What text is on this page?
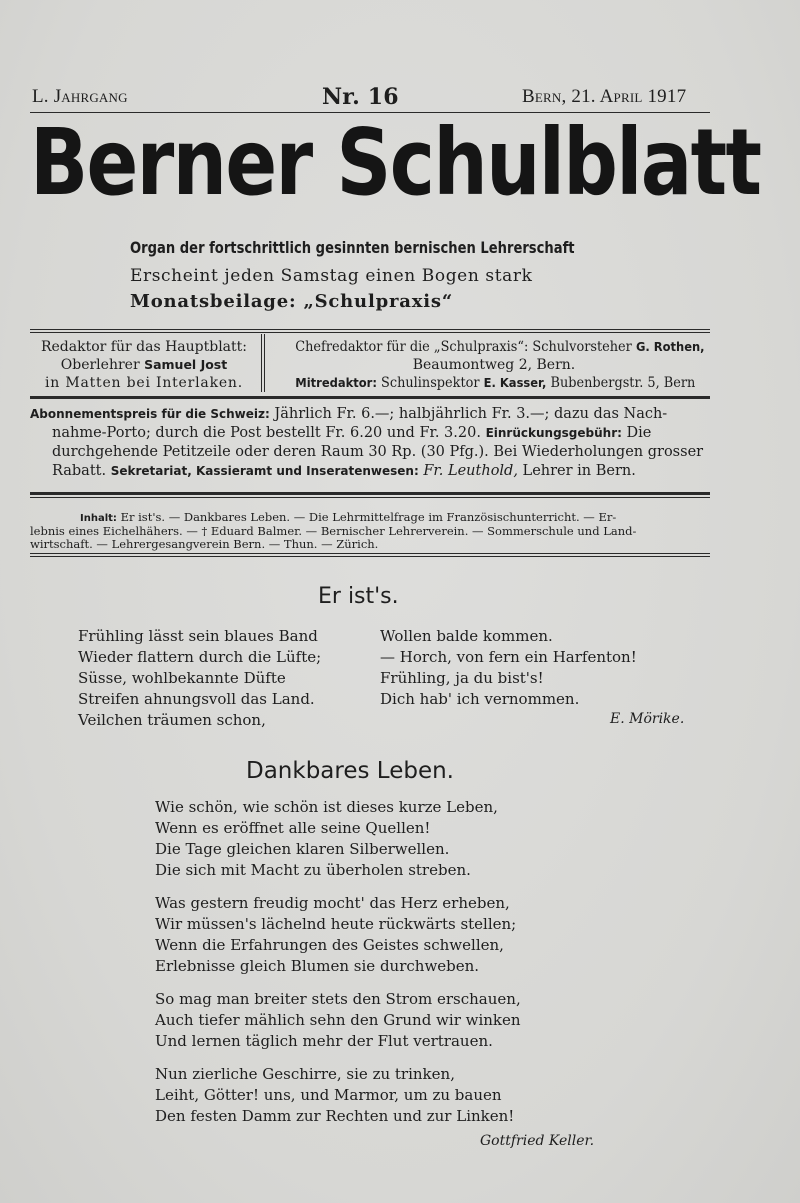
L. Jahrgang	Nr. 16	Bern, 21. April 1917
Berner Schulblatt
Organ der fortschrittlich gesinnten bernischen Lehrerschaft
Erscheint jeden Samstag einen Bogen stark
Monatsbeilage: „Schulpraxis“
Redaktor für das Hauptblatt:
Oberlehrer Samuel Jost
in Matten bei Interlaken.
Chefredaktor für die „Schulpraxis“: Schulvorsteher G. Rothen,
Beaumontweg 2, Bern.
Mitredaktor: Schulinspektor E. Kasser, Bubenbergstr. 5, Bern
Abonnementspreis für die Schweiz: Jährlich Fr. 6.—; halbjährlich Fr. 3.—; dazu das Nach-
nahme-Porto; durch die Post bestellt Fr. 6.20 und Fr. 3.20. Einrückungsgebühr: Die
durchgehende Petitzeile oder deren Raum 30 Rp. (30 Pfg.). Bei Wiederholungen grosser
Rabatt. Sekretariat, Kassieramt und Inseratenwesen: Fr. Leuthold, Lehrer in Bern.
Inhalt: Er ist's. — Dankbares Leben. — Die Lehrmittelfrage im Französischunterricht. — Er-
lebnis eines Eichelhähers. — † Eduard Balmer. — Bernischer Lehrerverein. — Sommerschule und Land-
wirtschaft. — Lehrergesangverein Bern. — Thun. — Zürich.
Er ist's.
Frühling lässt sein blaues Band
Wieder flattern durch die Lüfte;
Süsse, wohlbekannte Düfte
Streifen ahnungsvoll das Land.
Veilchen träumen schon,
Wollen balde kommen.
— Horch, von fern ein Harfenton!
Frühling, ja du bist's!
Dich hab' ich vernommen.
E. Mörike.
Dankbares Leben.
Wie schön, wie schön ist dieses kurze Leben,
Wenn es eröffnet alle seine Quellen!
Die Tage gleichen klaren Silberwellen.
Die sich mit Macht zu überholen streben.
Was gestern freudig mocht' das Herz erheben,
Wir müssen's lächelnd heute rückwärts stellen;
Wenn die Erfahrungen des Geistes schwellen,
Erlebnisse gleich Blumen sie durchweben.
So mag man breiter stets den Strom erschauen,
Auch tiefer mählich sehn den Grund wir winken
Und lernen täglich mehr der Flut vertrauen.
Nun zierliche Geschirre, sie zu trinken,
Leiht, Götter! uns, und Marmor, um zu bauen
Den festen Damm zur Rechten und zur Linken!
Gottfried Keller.
